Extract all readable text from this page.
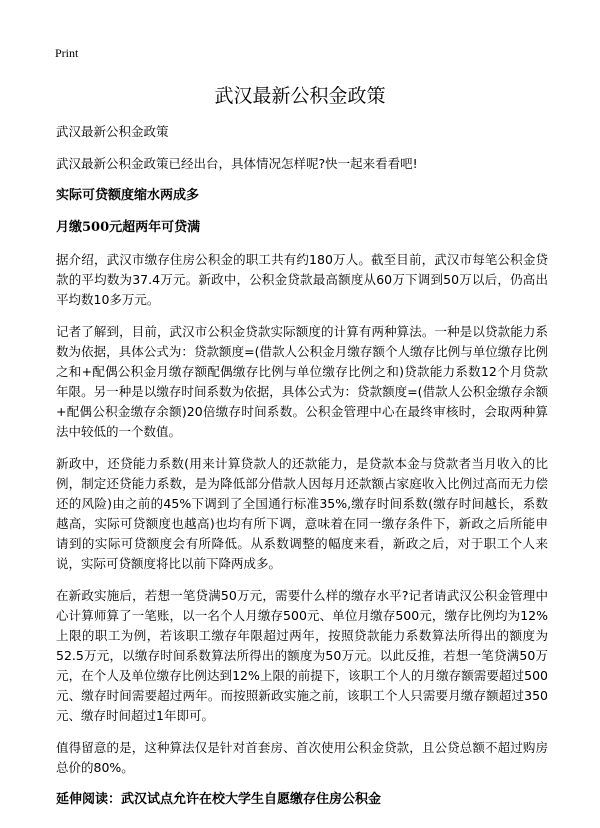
Print
武汉最新公积金政策

武汉最新公积金政策

武汉最新公积金政策已经出台，具体情况怎样呢?快一起来看看吧!

实际可贷额度缩水两成多

月缴500元超两年可贷满

据介绍，武汉市缴存住房公积金的职工共有约180万人。截至目前，武汉市每笔公积金贷款的平均数为37.4万元。新政中，公积金贷款最高额度从60万下调到50万以后，仍高出平均数10多万元。

记者了解到，目前，武汉市公积金贷款实际额度的计算有两种算法。一种是以贷款能力系数为依据，具体公式为：贷款额度=(借款人公积金月缴存额个人缴存比例与单位缴存比例之和+配偶公积金月缴存额配偶缴存比例与单位缴存比例之和)贷款能力系数12个月贷款年限。另一种是以缴存时间系数为依据，具体公式为：贷款额度=(借款人公积金缴存余额+配偶公积金缴存余额)20倍缴存时间系数。公积金管理中心在最终审核时，会取两种算法中较低的一个数值。

新政中，还贷能力系数(用来计算贷款人的还款能力，是贷款本金与贷款者当月收入的比例，制定还贷能力系数，是为降低部分借款人因每月还款额占家庭收入比例过高而无力偿还的风险)由之前的45%下调到了全国通行标准35%,缴存时间系数(缴存时间越长，系数越高，实际可贷额度也越高)也均有所下调，意味着在同一缴存条件下，新政之后所能申请到的实际可贷额度会有所降低。从系数调整的幅度来看，新政之后，对于职工个人来说，实际可贷额度将比以前下降两成多。

在新政实施后，若想一笔贷满50万元，需要什么样的缴存水平?记者请武汉公积金管理中心计算师算了一笔账，以一名个人月缴存500元、单位月缴存500元，缴存比例均为12%上限的职工为例，若该职工缴存年限超过两年，按照贷款能力系数算法所得出的额度为52.5万元，以缴存时间系数算法所得出的额度为50万元。以此反推，若想一笔贷满50万元，在个人及单位缴存比例达到12%上限的前提下，该职工个人的月缴存额需要超过500元、缴存时间需要超过两年。而按照新政实施之前，该职工个人只需要月缴存额超过350元、缴存时间超过1年即可。

值得留意的是，这种算法仅是针对首套房、首次使用公积金贷款，且公贷总额不超过购房总价的80%。

延伸阅读：武汉试点允许在校大学生自愿缴存住房公积金
